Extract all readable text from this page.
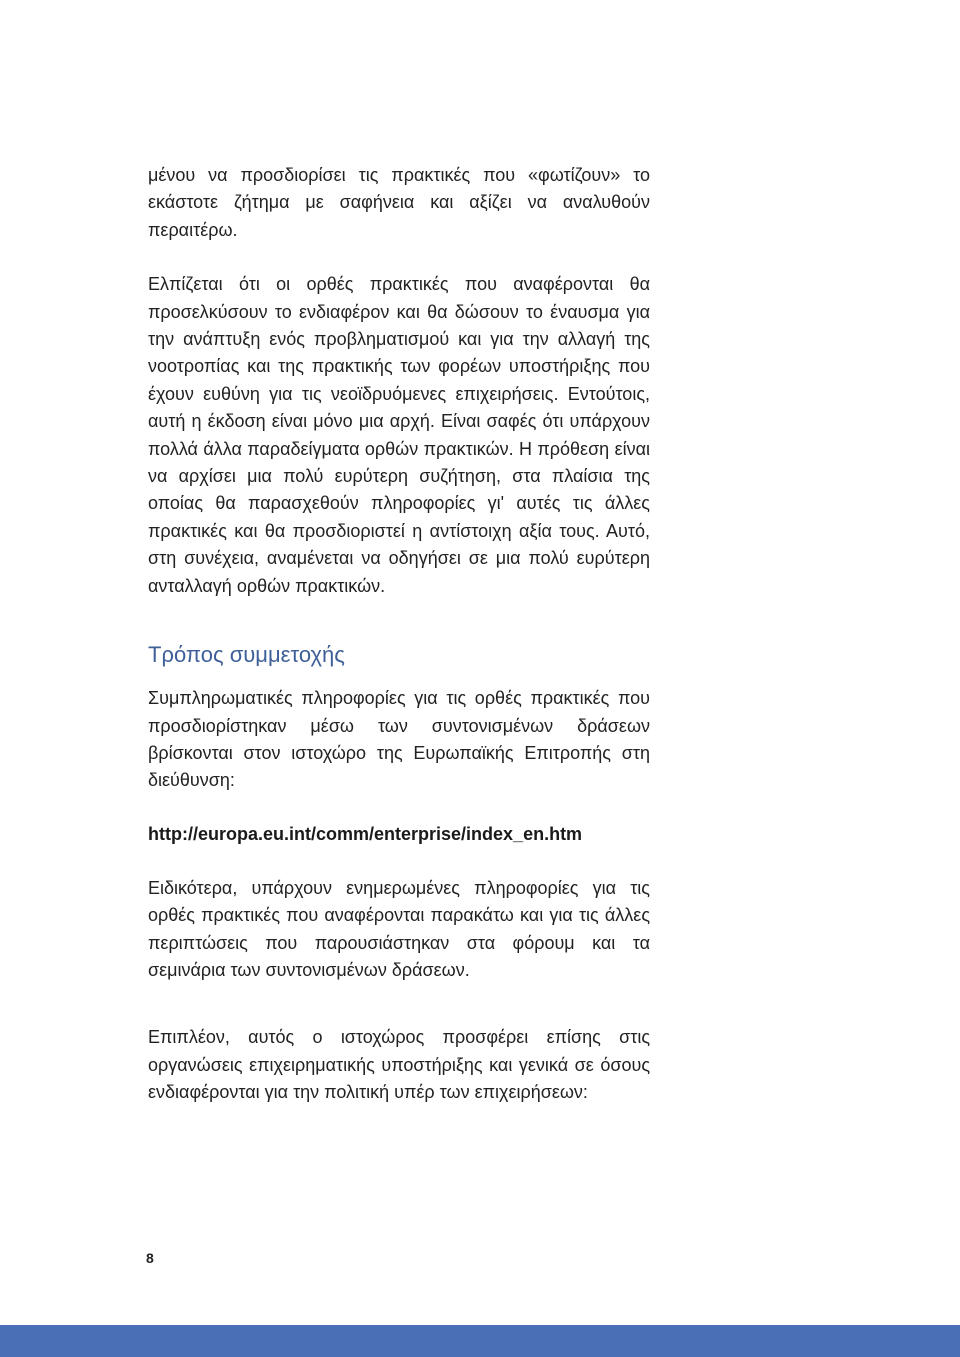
μένου να προσδιορίσει τις πρακτικές που «φωτίζουν» το εκάστοτε ζήτημα με σαφήνεια και αξίζει να αναλυθούν περαιτέρω.

Ελπίζεται ότι οι ορθές πρακτικές που αναφέρονται θα προσελκύσουν το ενδιαφέρον και θα δώσουν το έναυσμα για την ανάπτυξη ενός προβληματισμού και για την αλλαγή της νοοτροπίας και της πρακτικής των φορέων υποστήριξης που έχουν ευθύνη για τις νεοϊδρυόμενες επιχειρήσεις. Εντούτοις, αυτή η έκδοση είναι μόνο μια αρχή. Είναι σαφές ότι υπάρχουν πολλά άλλα παραδείγματα ορθών πρακτικών. Η πρόθεση είναι να αρχίσει μια πολύ ευρύτερη συζήτηση, στα πλαίσια της οποίας θα παρασχεθούν πληροφορίες γι' αυτές τις άλλες πρακτικές και θα προσδιοριστεί η αντίστοιχη αξία τους. Αυτό, στη συνέχεια, αναμένεται να οδηγήσει σε μια πολύ ευρύτερη ανταλλαγή ορθών πρακτικών.

Τρόπος συμμετοχής

Συμπληρωματικές πληροφορίες για τις ορθές πρακτικές που προσδιορίστηκαν μέσω των συντονισμένων δράσεων βρίσκονται στον ιστοχώρο της Ευρωπαϊκής Επιτροπής στη διεύθυνση:

http://europa.eu.int/comm/enterprise/index_en.htm

Ειδικότερα, υπάρχουν ενημερωμένες πληροφορίες για τις ορθές πρακτικές που αναφέρονται παρακάτω και για τις άλλες περιπτώσεις που παρουσιάστηκαν στα φόρουμ και τα σεμινάρια των συντονισμένων δράσεων.

Επιπλέον, αυτός ο ιστοχώρος προσφέρει επίσης στις οργανώσεις επιχειρηματικής υποστήριξης και γενικά σε όσους ενδιαφέρονται για την πολιτική υπέρ των επιχειρήσεων:

8
